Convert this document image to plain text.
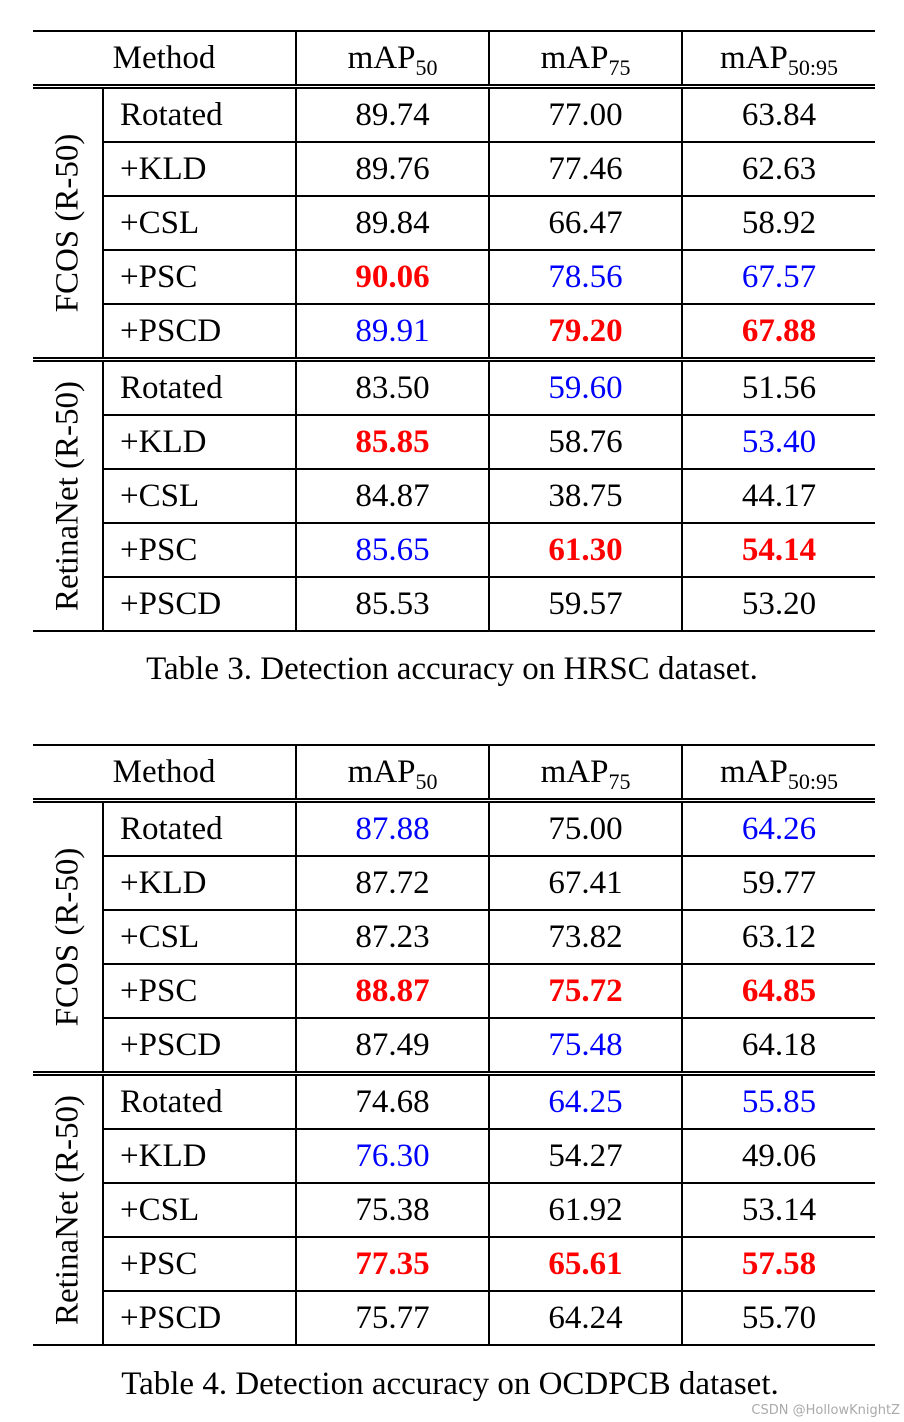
Method		mAP$_{50}$	mAP$_{75}$	mAP$_{50:95}$

FCOS (R-50)	Rotated	89.74	77.00	63.84
	+KLD	89.76	77.46	62.63
	+CSL	89.84	66.47	58.92
	+PSC	90.06	78.56	67.57
	+PSCD	89.91	79.20	67.88

RetinaNet (R-50)	Rotated	83.50	59.60	51.56
	+KLD	85.85	58.76	53.40
	+CSL	84.87	38.75	44.17
	+PSC	85.65	61.30	54.14
	+PSCD	85.53	59.57	53.20
Table 3. Detection accuracy on HRSC dataset.
Method		mAP$_{50}$	mAP$_{75}$	mAP$_{50:95}$

FCOS (R-50)	Rotated	87.88	75.00	64.26
	+KLD	87.72	67.41	59.77
	+CSL	87.23	73.82	63.12
	+PSC	88.87	75.72	64.85
	+PSCD	87.49	75.48	64.18

RetinaNet (R-50)	Rotated	74.68	64.25	55.85
	+KLD	76.30	54.27	49.06
	+CSL	75.38	61.92	53.14
	+PSC	77.35	65.61	57.58
	+PSCD	75.77	64.24	55.70
Table 4. Detection accuracy on OCDPCB dataset.
CSDN @HollowKnightZ
